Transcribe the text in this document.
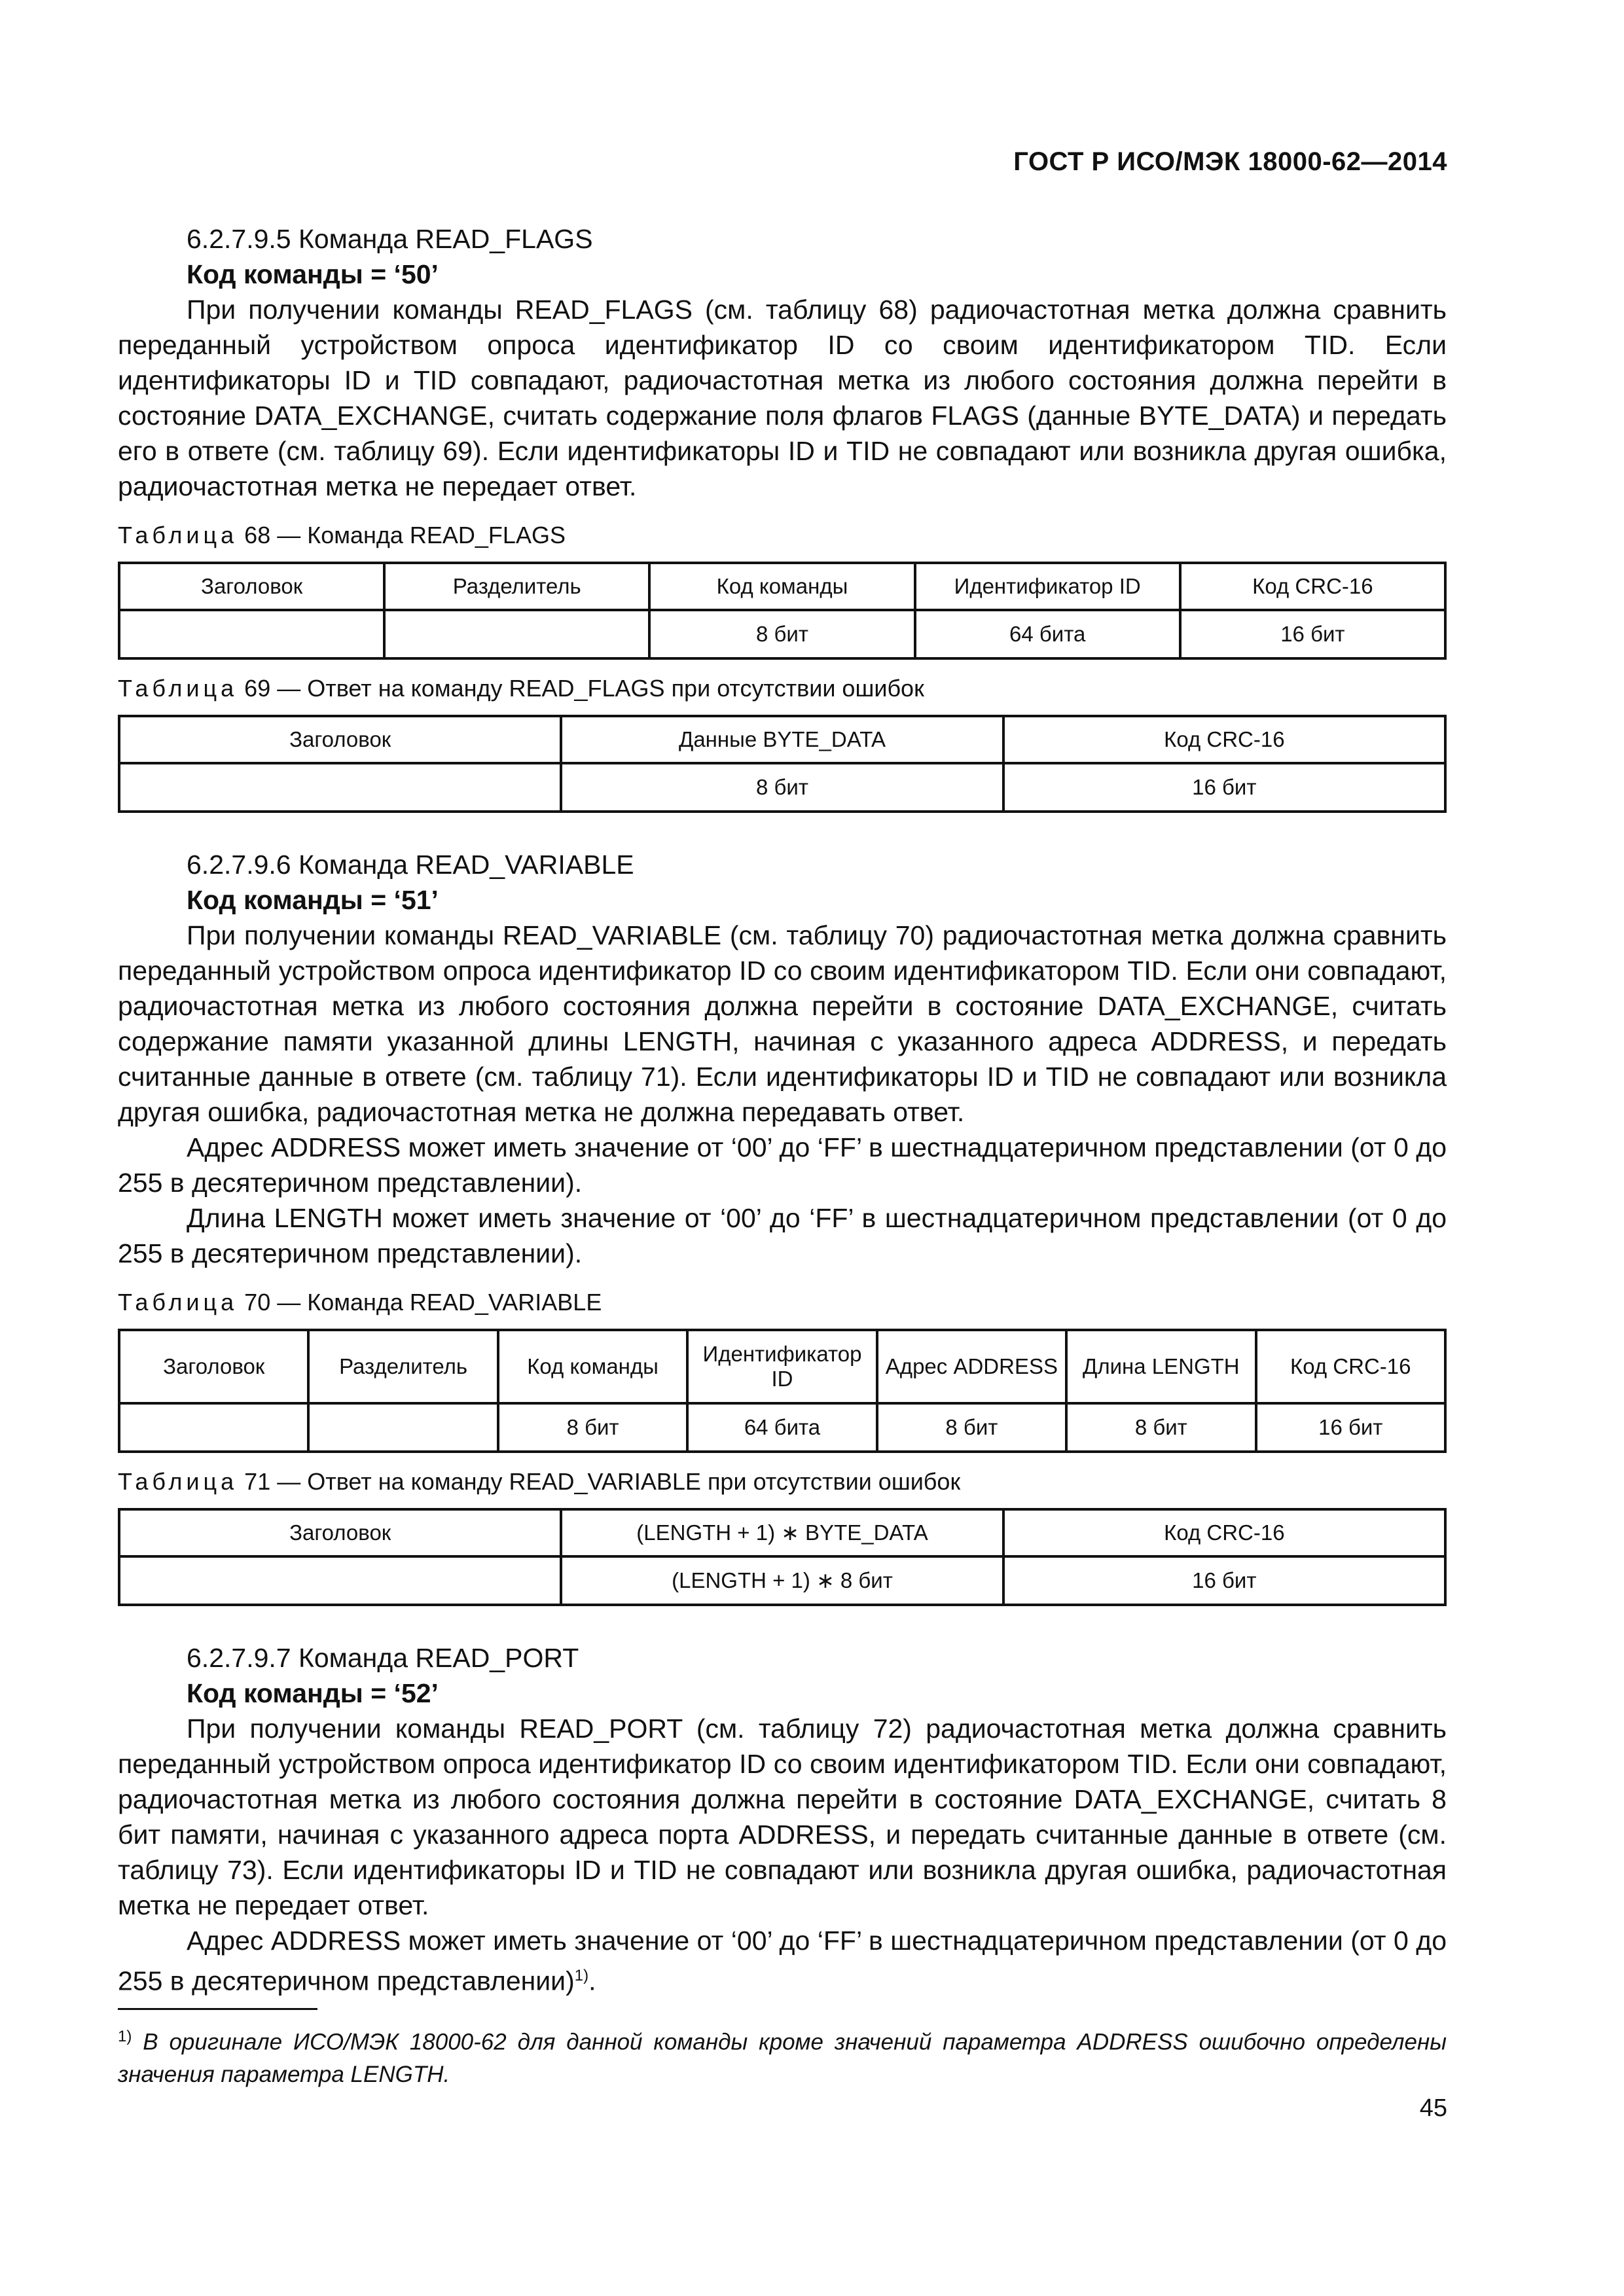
ГОСТ Р ИСО/МЭК 18000-62—2014

6.2.7.9.5 Команда READ_FLAGS

Код команды = ‘50’

При получении команды READ_FLAGS (см. таблицу 68) радиочастотная метка должна сравнить переданный устройством опроса идентификатор ID со своим идентификатором TID. Если идентификаторы ID и TID совпадают, радиочастотная метка из любого состояния должна перейти в состояние DATA_EXCHANGE, считать содержание поля флагов FLAGS (данные BYTE_DATA) и передать его в ответе (см. таблицу 69). Если идентификаторы ID и TID не совпадают или возникла другая ошибка, радиочастотная метка не передает ответ.

Таблица 68 — Команда READ_FLAGS

Заголовок	Разделитель	Код команды	Идентификатор ID	Код CRC-16
		8 бит	64 бита	16 бит

Таблица 69 — Ответ на команду READ_FLAGS при отсутствии ошибок

Заголовок	Данные BYTE_DATA	Код CRC-16
	8 бит	16 бит

6.2.7.9.6 Команда READ_VARIABLE

Код команды = ‘51’

При получении команды READ_VARIABLE (см. таблицу 70) радиочастотная метка должна сравнить переданный устройством опроса идентификатор ID со своим идентификатором TID. Если они совпадают, радиочастотная метка из любого состояния должна перейти в состояние DATA_EXCHANGE, считать содержание памяти указанной длины LENGTH, начиная с указанного адреса ADDRESS, и передать считанные данные в ответе (см. таблицу 71). Если идентификаторы ID и TID не совпадают или возникла другая ошибка, радиочастотная метка не должна передавать ответ.

Адрес ADDRESS может иметь значение от ‘00’ до ‘FF’ в шестнадцатеричном представлении (от 0 до 255 в десятеричном представлении).

Длина LENGTH может иметь значение от ‘00’ до ‘FF’ в шестнадцатеричном представлении (от 0 до 255 в десятеричном представлении).

Таблица 70 — Команда READ_VARIABLE

Заголовок	Разделитель	Код команды	Идентификатор ID	Адрес ADDRESS	Длина LENGTH	Код CRC-16
		8 бит	64 бита	8 бит	8 бит	16 бит

Таблица 71 — Ответ на команду READ_VARIABLE при отсутствии ошибок

Заголовок	(LENGTH + 1) ∗ BYTE_DATA	Код CRC-16
	(LENGTH + 1) ∗ 8 бит	16 бит

6.2.7.9.7 Команда READ_PORT

Код команды = ‘52’

При получении команды READ_PORT (см. таблицу 72) радиочастотная метка должна сравнить переданный устройством опроса идентификатор ID со своим идентификатором TID. Если они совпадают, радиочастотная метка из любого состояния должна перейти в состояние DATA_EXCHANGE, считать 8 бит памяти, начиная с указанного адреса порта ADDRESS, и передать считанные данные в ответе (см. таблицу 73). Если идентификаторы ID и TID не совпадают или возникла другая ошибка, радиочастотная метка не передает ответ.

Адрес ADDRESS может иметь значение от ‘00’ до ‘FF’ в шестнадцатеричном представлении (от 0 до 255 в десятеричном представлении)$^{1)}$.

$^{1)}$ В оригинале ИСО/МЭК 18000-62 для данной команды кроме значений параметра ADDRESS ошибочно определены значения параметра LENGTH.

45
